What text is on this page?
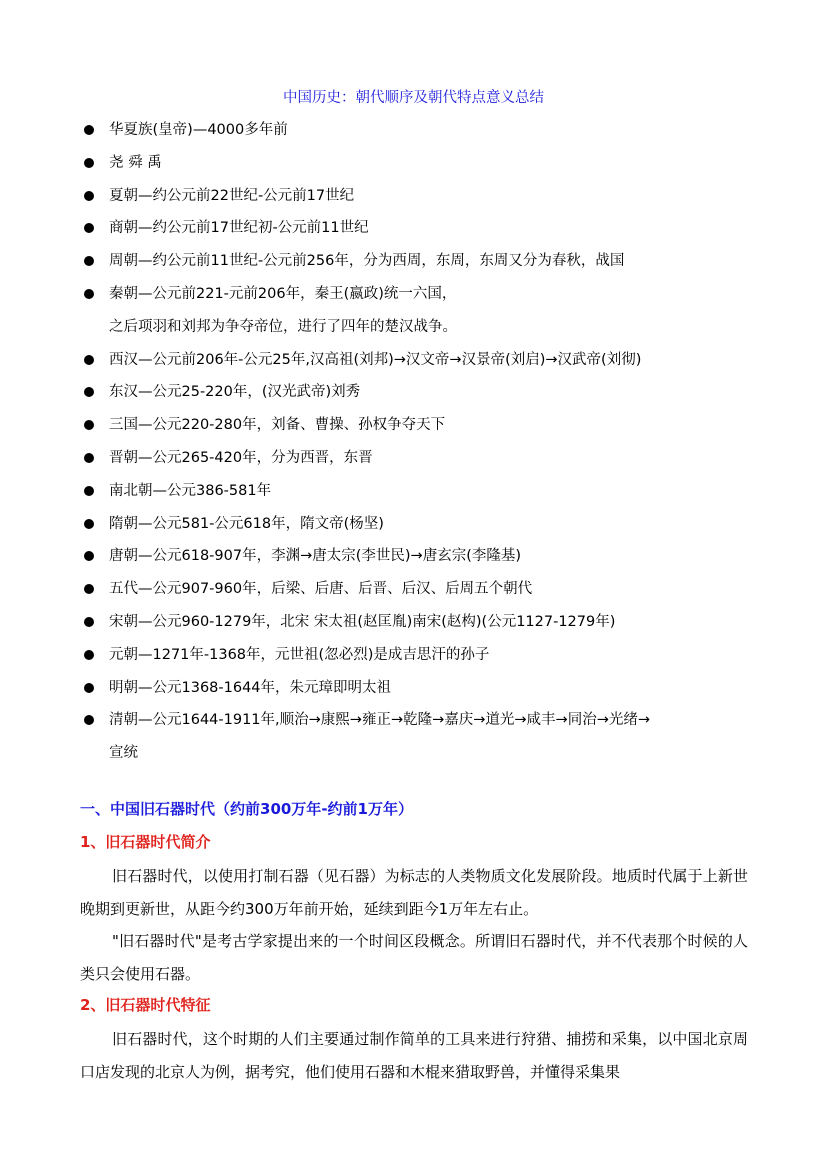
中国历史：朝代顺序及朝代特点意义总结
华夏族(皇帝)—4000多年前
尧 舜 禹
夏朝—约公元前22世纪-公元前17世纪
商朝—约公元前17世纪初-公元前11世纪
周朝—约公元前11世纪-公元前256年，分为西周，东周，东周又分为春秋，战国
秦朝—公元前221-元前206年，秦王(嬴政)统一六国，
之后项羽和刘邦为争夺帝位，进行了四年的楚汉战争。
西汉—公元前206年-公元25年,汉高祖(刘邦)→汉文帝→汉景帝(刘启)→汉武帝(刘彻)
东汉—公元25-220年，(汉光武帝)刘秀
三国—公元220-280年，刘备、曹操、孙权争夺天下
晋朝—公元265-420年，分为西晋，东晋
南北朝—公元386-581年
隋朝—公元581-公元618年，隋文帝(杨坚)
唐朝—公元618-907年，李渊→唐太宗(李世民)→唐玄宗(李隆基)
五代—公元907-960年，后梁、后唐、后晋、后汉、后周五个朝代
宋朝—公元960-1279年，北宋 宋太祖(赵匡胤)南宋(赵构)(公元1127-1279年)
元朝—1271年-1368年，元世祖(忽必烈)是成吉思汗的孙子
明朝—公元1368-1644年，朱元璋即明太祖
清朝—公元1644-1911年,顺治→康熙→雍正→乾隆→嘉庆→道光→咸丰→同治→光绪→
宣统
一、中国旧石器时代（约前300万年-约前1万年）
1、旧石器时代简介

旧石器时代，以使用打制石器（见石器）为标志的人类物质文化发展阶段。地质时代属于上新世晚期到更新世，从距今约300万年前开始，延续到距今1万年左右止。

"旧石器时代"是考古学家提出来的一个时间区段概念。所谓旧石器时代，并不代表那个时候的人类只会使用石器。

2、旧石器时代特征

旧石器时代，这个时期的人们主要通过制作简单的工具来进行狩猎、捕捞和采集，以中国北京周口店发现的北京人为例，据考究，他们使用石器和木棍来猎取野兽，并懂得采集果
